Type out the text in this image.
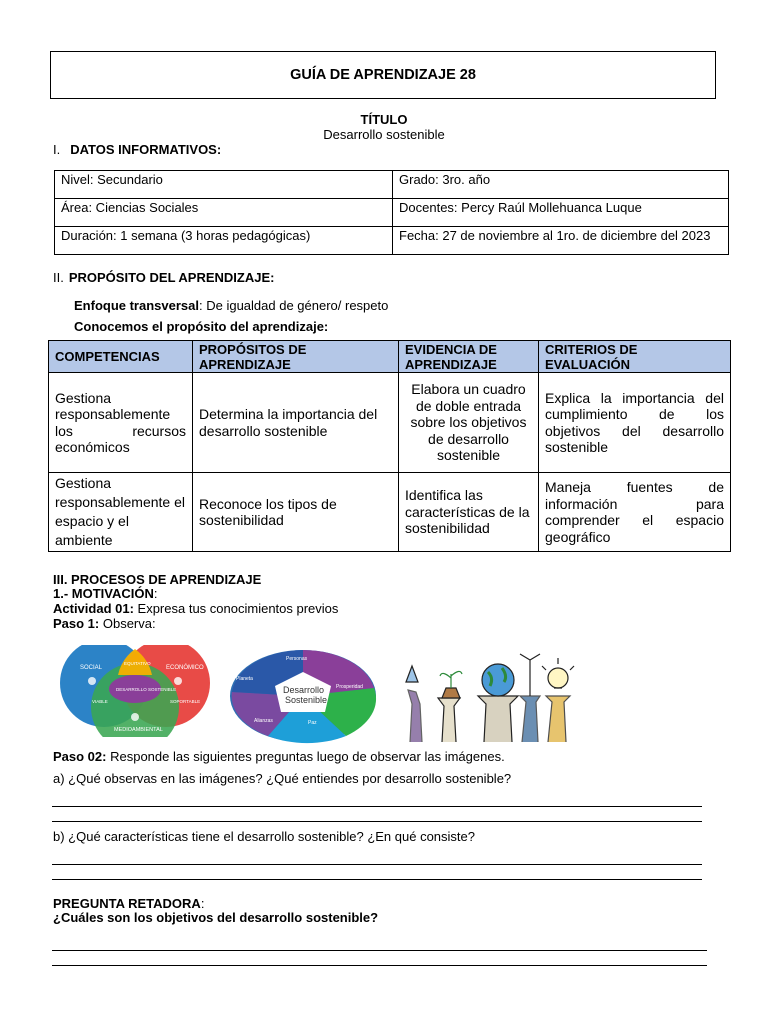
GUÍA DE APRENDIZAJE 28
TÍTULO
Desarrollo sostenible
I. DATOS INFORMATIVOS:
Nivel: Secundario	Grado: 3ro. año
Área: Ciencias Sociales	Docentes: Percy Raúl Mollehuanca Luque
Duración: 1 semana (3 horas pedagógicas)	Fecha: 27 de noviembre al 1ro. de diciembre del 2023
II. PROPÓSITO DEL APRENDIZAJE:
Enfoque transversal: De igualdad de género/ respeto
Conocemos el propósito del aprendizaje:
COMPETENCIAS	PROPÓSITOS DE APRENDIZAJE	EVIDENCIA DE APRENDIZAJE	CRITERIOS DE EVALUACIÓN
Gestiona responsablemente los recursos económicos	Determina la importancia del desarrollo sostenible	Elabora un cuadro de doble entrada sobre los objetivos de desarrollo sostenible	Explica la importancia del cumplimiento de los objetivos del desarrollo sostenible
Gestiona responsablemente el espacio y el ambiente	Reconoce los tipos de sostenibilidad	Identifica las características de la sostenibilidad	Maneja fuentes de información para comprender el espacio geográfico
III. PROCESOS DE APRENDIZAJE
1.- MOTIVACIÓN:
Actividad 01: Expresa tus conocimientos previos
Paso 1: Observa:
SOCIAL	ECONÓMICO
MEDIOAMBIENTAL
EQUITATIVO
SOPORTABLE
VIABLE
DESARROLLO SOSTENIBLE	Desarrollo
Sostenible
Personas
Prosperidad
Paz
Alianzas
Planeta
Paso 02: Responde las siguientes preguntas luego de observar las imágenes.
a) ¿Qué observas en las imágenes? ¿Qué entiendes por desarrollo sostenible?
b) ¿Qué características tiene el desarrollo sostenible? ¿En qué consiste?
PREGUNTA RETADORA:
¿Cuáles son los objetivos del desarrollo sostenible?
